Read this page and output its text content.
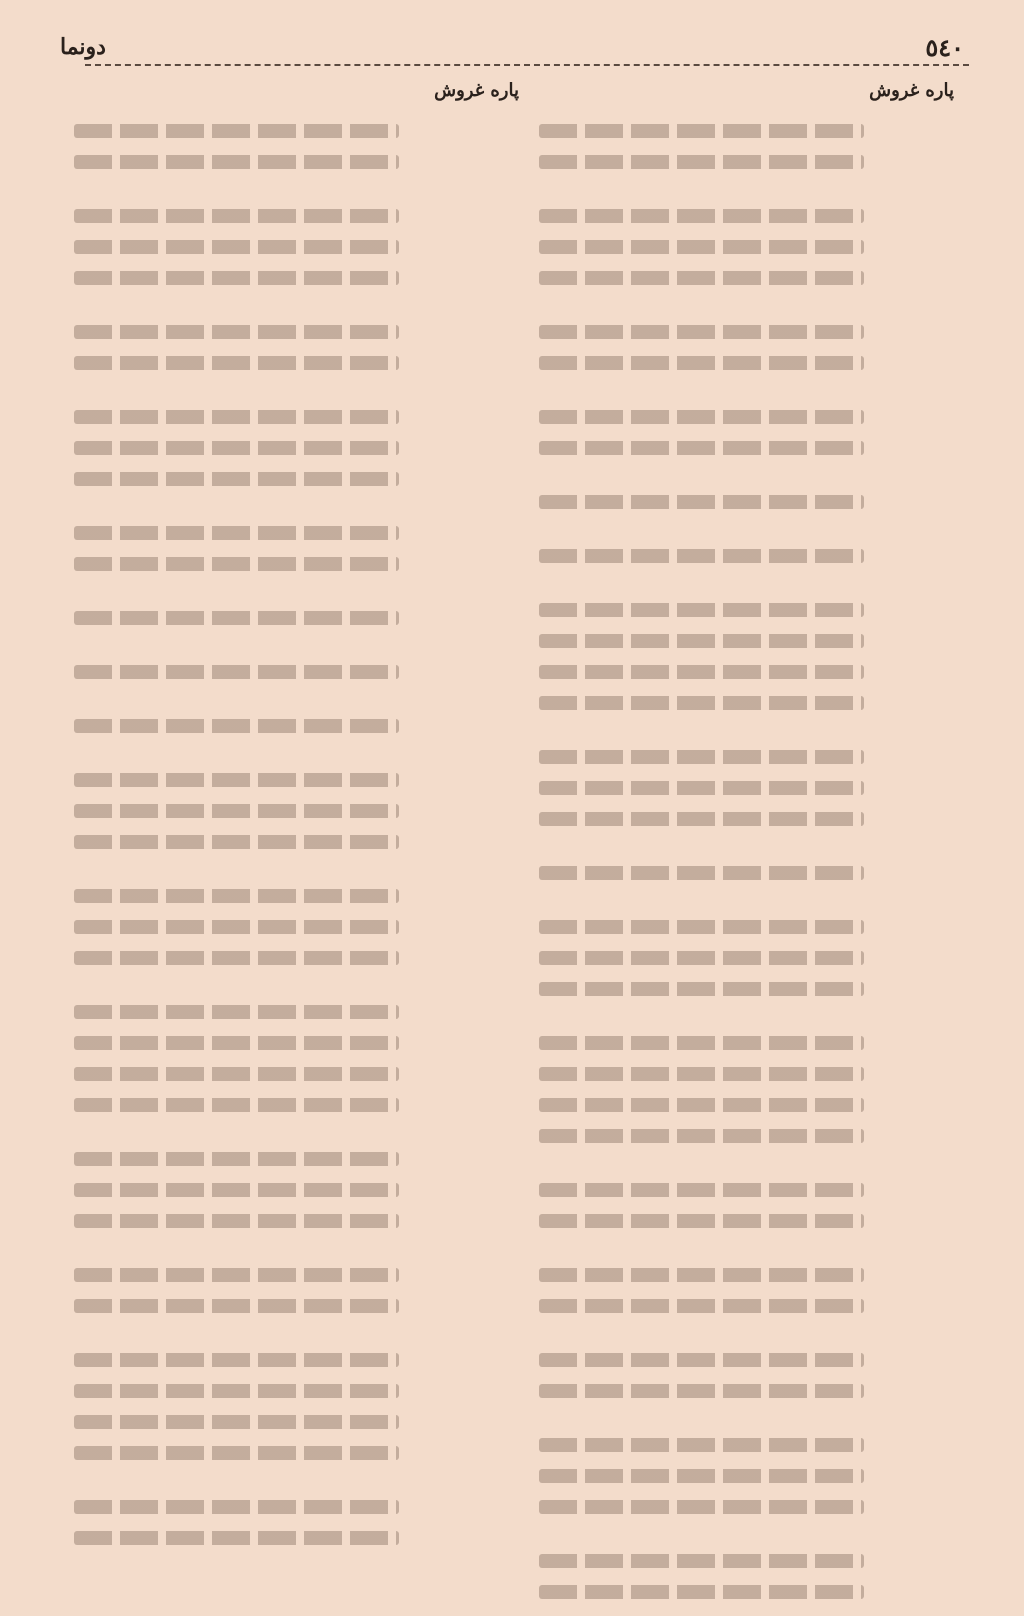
٥٤٠
دونما
پاره غروش
پاره غروش
